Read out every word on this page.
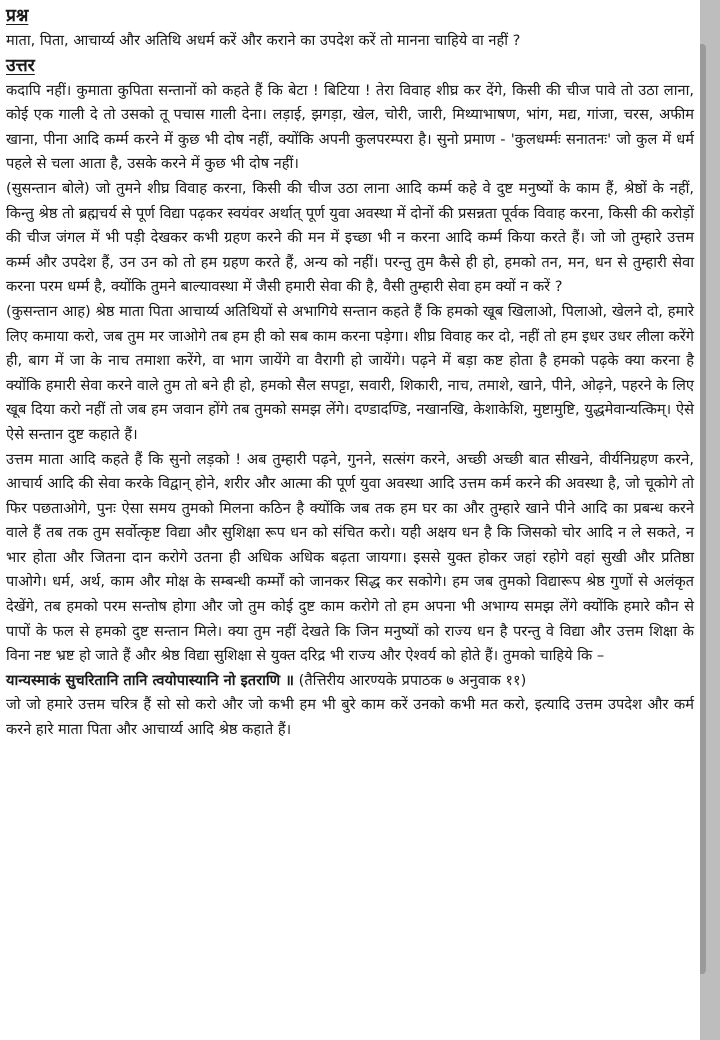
प्रश्न

माता, पिता, आचार्य्य और अतिथि अधर्म करें और कराने का उपदेश करें तो मानना चाहिये वा नहीं ?

उत्तर

कदापि नहीं। कुमाता कुपिता सन्तानों को कहते हैं कि बेटा ! बिटिया ! तेरा विवाह शीघ्र कर देंगे, किसी की चीज पावे तो उठा लाना, कोई एक गाली दे तो उसको तू पचास गाली देना। लड़ाई, झगड़ा, खेल, चोरी, जारी, मिथ्याभाषण, भांग, मद्य, गांजा, चरस, अफीम खाना, पीना आदि कर्म्म करने में कुछ भी दोष नहीं, क्योंकि अपनी कुलपरम्परा है। सुनो प्रमाण - 'कुलधर्म्मः सनातनः' जो कुल में धर्म पहले से चला आता है, उसके करने में कुछ भी दोष नहीं।

(सुसन्तान बोले) जो तुमने शीघ्र विवाह करना, किसी की चीज उठा लाना आदि कर्म्म कहे वे दुष्ट मनुष्यों के काम हैं, श्रेष्ठों के नहीं, किन्तु श्रेष्ठ तो ब्रह्मचर्य से पूर्ण विद्या पढ़कर स्वयंवर अर्थात् पूर्ण युवा अवस्था में दोनों की प्रसन्नता पूर्वक विवाह करना, किसी की करोड़ों की चीज जंगल में भी पड़ी देखकर कभी ग्रहण करने की मन में इच्छा भी न करना आदि कर्म्म किया करते हैं। जो जो तुम्हारे उत्तम कर्म्म और उपदेश हैं, उन उन को तो हम ग्रहण करते हैं, अन्य को नहीं। परन्तु तुम कैसे ही हो, हमको तन, मन, धन से तुम्हारी सेवा करना परम धर्म्म है, क्योंकि तुमने बाल्यावस्था में जैसी हमारी सेवा की है, वैसी तुम्हारी सेवा हम क्यों न करें ?

(कुसन्तान आह) श्रेष्ठ माता पिता आचार्य्य अतिथियों से अभागिये सन्तान कहते हैं कि हमको खूब खिलाओ, पिलाओ, खेलने दो, हमारे लिए कमाया करो, जब तुम मर जाओगे तब हम ही को सब काम करना पड़ेगा। शीघ्र विवाह कर दो, नहीं तो हम इधर उधर लीला करेंगे ही, बाग में जा के नाच तमाशा करेंगे, वा भाग जायेंगे वा वैरागी हो जायेंगे। पढ़ने में बड़ा कष्ट होता है हमको पढ़के क्या करना है क्योंकि हमारी सेवा करने वाले तुम तो बने ही हो, हमको सैल सपट्टा, सवारी, शिकारी, नाच, तमाशे, खाने, पीने, ओढ़ने, पहरने के लिए खूब दिया करो नहीं तो जब हम जवान होंगे तब तुमको समझ लेंगे। दण्डादण्डि, नखानखि, केशाकेशि, मुष्टामुष्टि, युद्धमेवान्यत्किम्। ऐसे ऐसे सन्तान दुष्ट कहाते हैं।

उत्तम माता आदि कहते हैं कि सुनो लड़को ! अब तुम्हारी पढ़ने, गुनने, सत्संग करने, अच्छी अच्छी बात सीखने, वीर्यनिग्रहण करने, आचार्य आदि की सेवा करके विद्वान् होने, शरीर और आत्मा की पूर्ण युवा अवस्था आदि उत्तम कर्म करने की अवस्था है, जो चूकोगे तो फिर पछताओगे, पुनः ऐसा समय तुमको मिलना कठिन है क्योंकि जब तक हम घर का और तुम्हारे खाने पीने आदि का प्रबन्ध करने वाले हैं तब तक तुम सर्वोत्कृष्ट विद्या और सुशिक्षा रूप धन को संचित करो। यही अक्षय धन है कि जिसको चोर आदि न ले सकते, न भार होता और जितना दान करोगे उतना ही अधिक अधिक बढ़ता जायगा। इससे युक्त होकर जहां रहोगे वहां सुखी और प्रतिष्ठा पाओगे। धर्म, अर्थ, काम और मोक्ष के सम्बन्धी कर्म्मों को जानकर सिद्ध कर सकोगे। हम जब तुमको विद्यारूप श्रेष्ठ गुणों से अलंकृत देखेंगे, तब हमको परम सन्तोष होगा और जो तुम कोई दुष्ट काम करोगे तो हम अपना भी अभाग्य समझ लेंगे क्योंकि हमारे कौन से पापों के फल से हमको दुष्ट सन्तान मिले। क्या तुम नहीं देखते कि जिन मनुष्यों को राज्य धन है परन्तु वे विद्या और उत्तम शिक्षा के विना नष्ट भ्रष्ट हो जाते हैं और श्रेष्ठ विद्या सुशिक्षा से युक्त दरिद्र भी राज्य और ऐश्वर्य को होते हैं। तुमको चाहिये कि –

यान्यस्माकं सुचरितानि तानि त्वयोपास्यानि नो इतराणि ॥ (तैत्तिरीय आरण्यके प्रपाठक ७ अनुवाक ११)

जो जो हमारे उत्तम चरित्र हैं सो सो करो और जो कभी हम भी बुरे काम करें उनको कभी मत करो, इत्यादि उत्तम उपदेश और कर्म करने हारे माता पिता और आचार्य्य आदि श्रेष्ठ कहाते हैं।
